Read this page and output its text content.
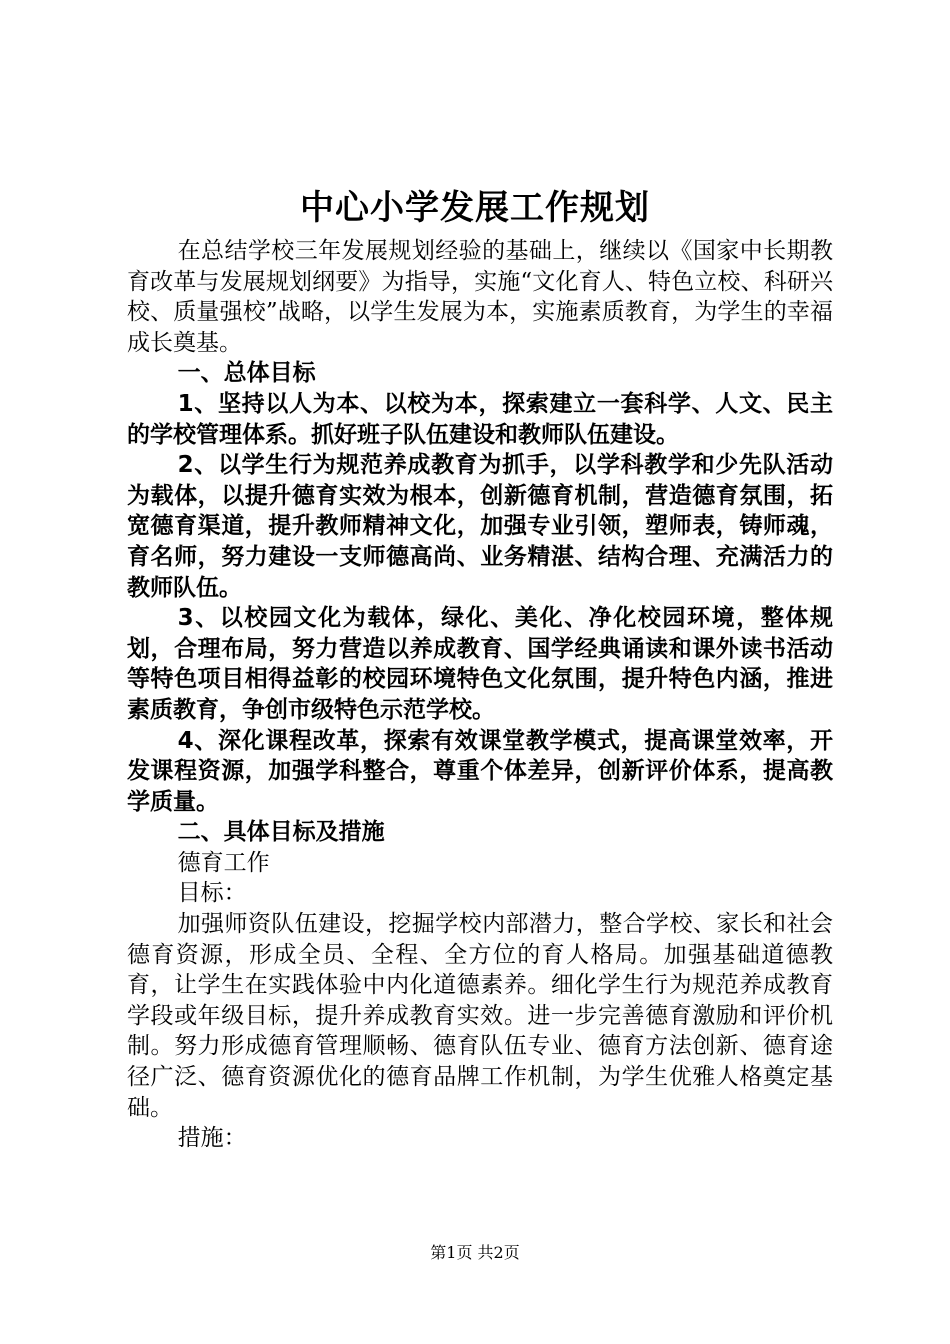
中心小学发展工作规划

在总结学校三年发展规划经验的基础上，继续以《国家中长期教育改革与发展规划纲要》为指导，实施“文化育人、特色立校、科研兴校、质量强校”战略，以学生发展为本，实施素质教育，为学生的幸福成长奠基。

一、总体目标

1、坚持以人为本、以校为本，探索建立一套科学、人文、民主的学校管理体系。抓好班子队伍建设和教师队伍建设。

2、以学生行为规范养成教育为抓手，以学科教学和少先队活动为载体，以提升德育实效为根本，创新德育机制，营造德育氛围，拓宽德育渠道，提升教师精神文化，加强专业引领，塑师表，铸师魂，育名师，努力建设一支师德高尚、业务精湛、结构合理、充满活力的教师队伍。

3、以校园文化为载体，绿化、美化、净化校园环境，整体规划，合理布局，努力营造以养成教育、国学经典诵读和课外读书活动等特色项目相得益彰的校园环境特色文化氛围，提升特色内涵，推进素质教育，争创市级特色示范学校。

4、深化课程改革，探索有效课堂教学模式，提高课堂效率，开发课程资源，加强学科整合，尊重个体差异，创新评价体系，提高教学质量。

二、具体目标及措施

德育工作

目标：

加强师资队伍建设，挖掘学校内部潜力，整合学校、家长和社会德育资源，形成全员、全程、全方位的育人格局。加强基础道德教育，让学生在实践体验中内化道德素养。细化学生行为规范养成教育学段或年级目标，提升养成教育实效。进一步完善德育激励和评价机制。努力形成德育管理顺畅、德育队伍专业、德育方法创新、德育途径广泛、德育资源优化的德育品牌工作机制，为学生优雅人格奠定基础。

措施：

第1页 共2页
